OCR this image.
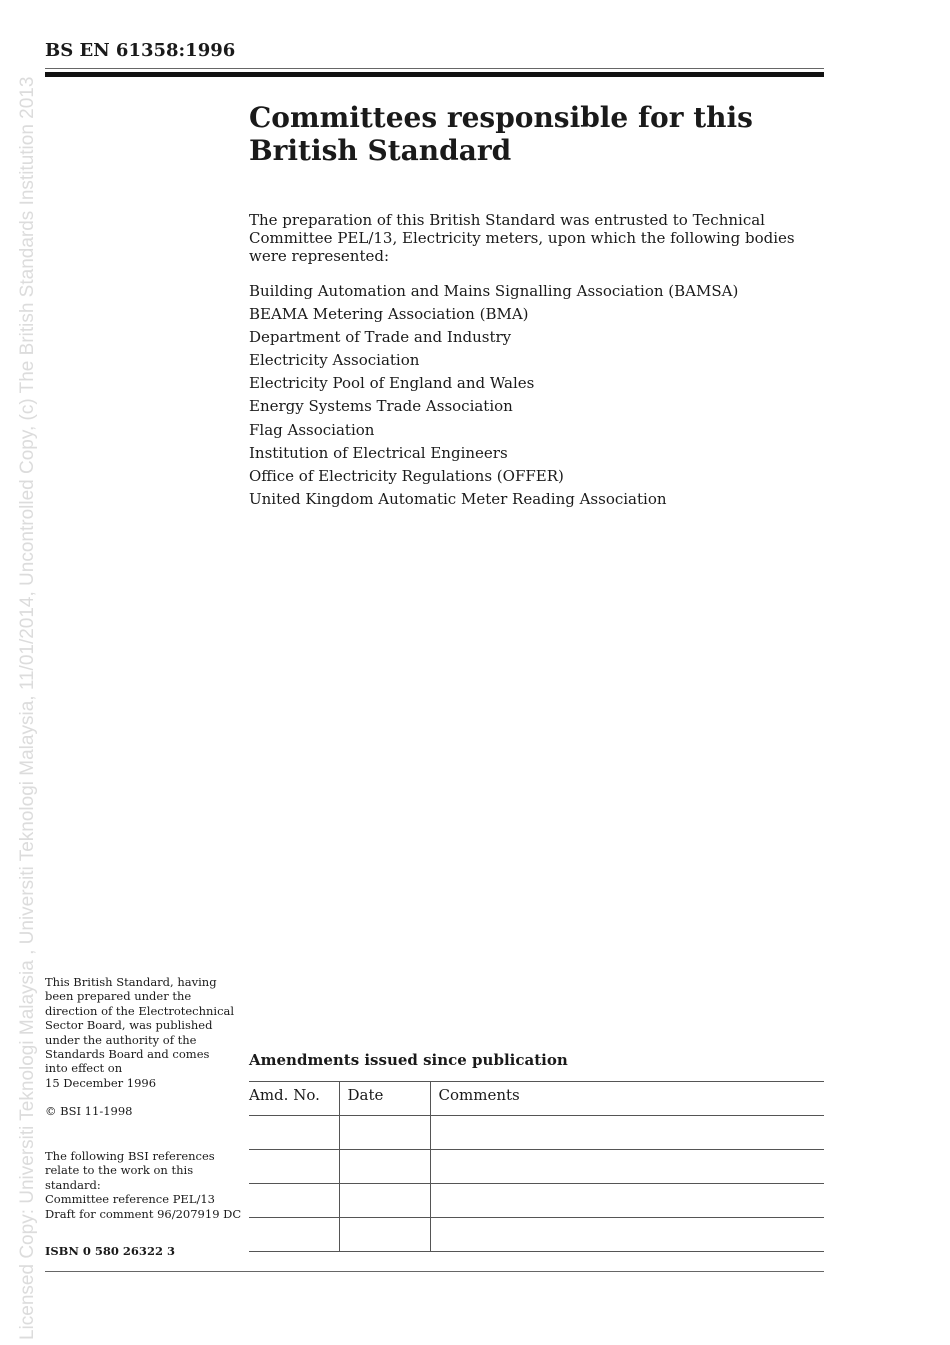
Licensed Copy: Universiti Teknologi Malaysia , Universiti Teknologi Malaysia, 11/01/2014, Uncontrolled Copy, (c) The British Standards Institution 2013
BS EN 61358:1996
Committees responsible for this
British Standard

The preparation of this British Standard was entrusted to Technical Committee PEL/13, Electricity meters, upon which the following bodies were represented:

Building Automation and Mains Signalling Association (BAMSA)
BEAMA Metering Association (BMA)
Department of Trade and Industry
Electricity Association
Electricity Pool of England and Wales
Energy Systems Trade Association
Flag Association
Institution of Electrical Engineers
Office of Electricity Regulations (OFFER)
United Kingdom Automatic Meter Reading Association

This British Standard, having
been prepared under the
direction of the Electrotechnical
Sector Board, was published
under the authority of the
Standards Board and comes
into effect on
15 December 1996

© BSI 11-1998

The following BSI references
relate to the work on this
standard:
Committee reference PEL/13
Draft for comment 96/207919 DC

ISBN 0 580 26322 3

Amendments issued since publication
Amd. No.	Date	Comments
